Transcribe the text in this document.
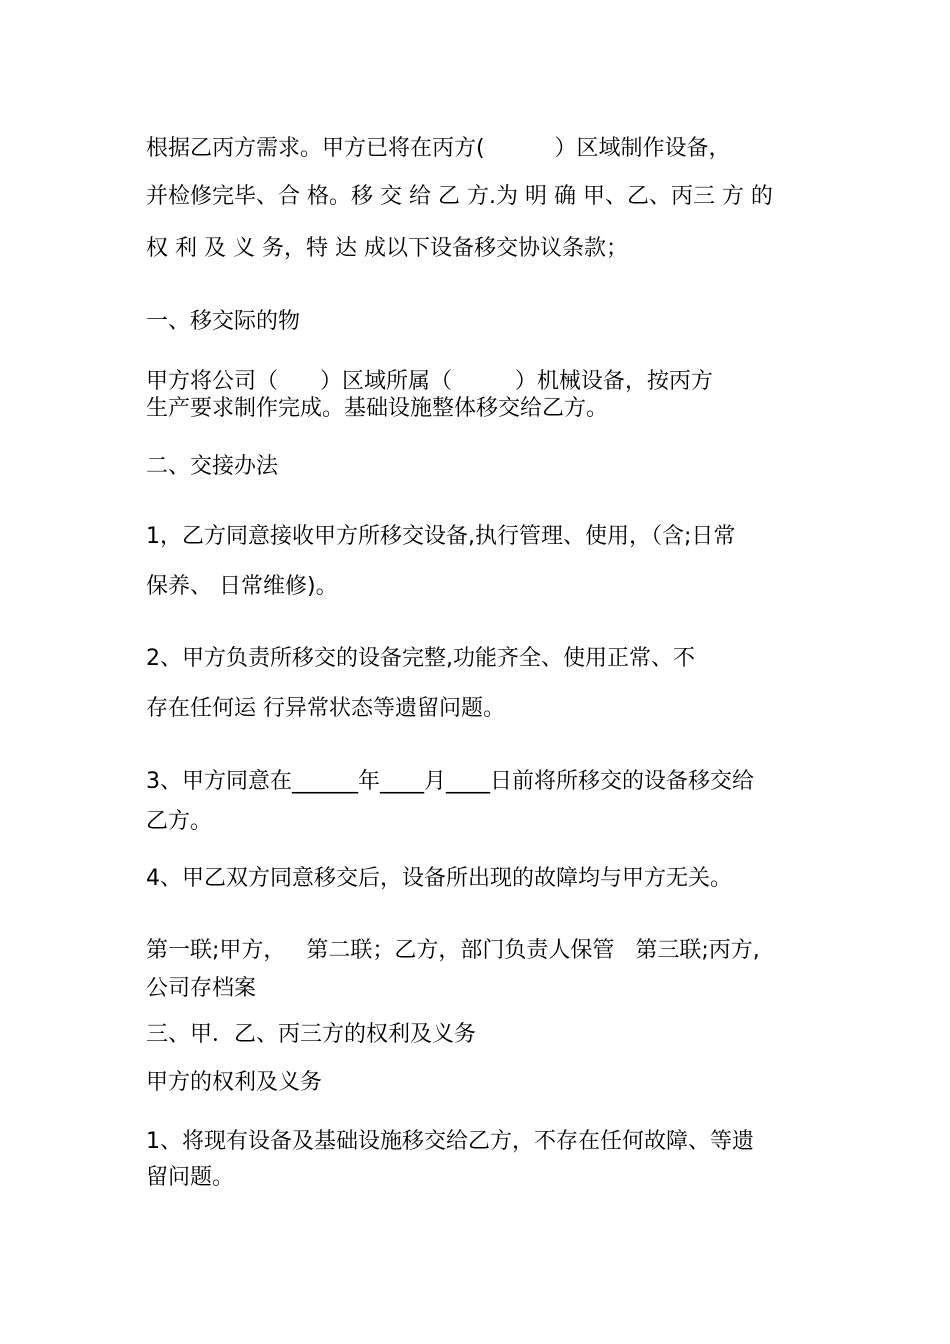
根据乙丙方需求。甲方已将在丙方(          ）区域制作设备，
并检修完毕、合 格。移 交 给 乙 方.为 明 确 甲、乙、丙三 方 的
权 利 及 义 务，特 达 成以下设备移交协议条款；
一、移交际的物
甲方将公司（      ）区域所属（         ）机械设备，按丙方
生产要求制作完成。基础设施整体移交给乙方。
二、交接办法
1，乙方同意接收甲方所移交设备,执行管理、使用，（含;日常
保养、 日常维修)。
2、甲方负责所移交的设备完整,功能齐全、使用正常、不
存在任何运 行异常状态等遗留问题。
3、甲方同意在______年____月____日前将所移交的设备移交给
乙方。
4、甲乙双方同意移交后，设备所出现的故障均与甲方无关。
第一联;甲方，   第二联；乙方，部门负责人保管   第三联;丙方,
公司存档案
三、甲．乙、丙三方的权利及义务
甲方的权利及义务
1、将现有设备及基础设施移交给乙方，不存在任何故障、等遗
留问题。
